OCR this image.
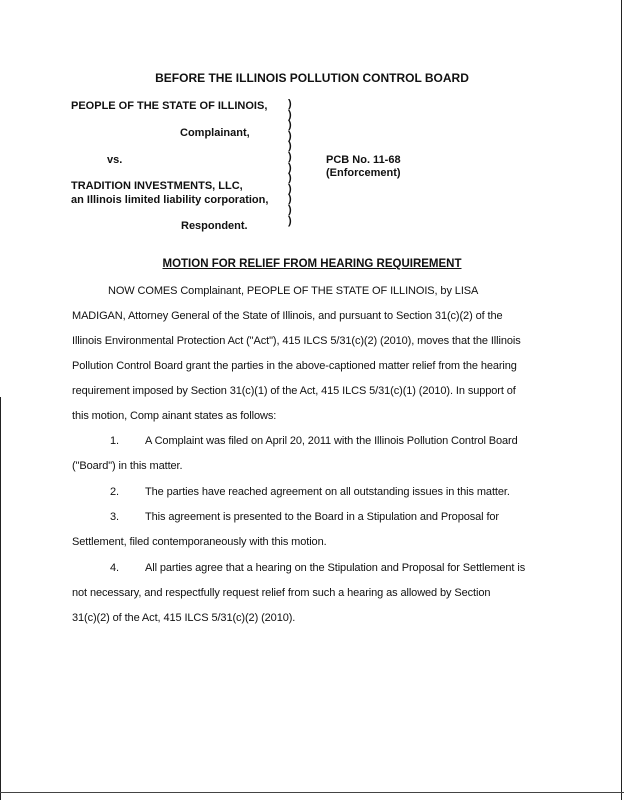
BEFORE THE ILLINOIS POLLUTION CONTROL BOARD
PEOPLE OF THE STATE OF ILLINOIS,
Complainant,
vs.
TRADITION INVESTMENTS, LLC,
an Illinois limited liability corporation,
Respondent.
PCB No. 11-68
(Enforcement)
)
)
)
)
)
)
)
)
)
)
)
)
MOTION FOR RELIEF FROM HEARING REQUIREMENT
NOW COMES Complainant, PEOPLE OF THE STATE OF ILLINOIS, by LISA
MADIGAN, Attorney General of the State of Illinois, and pursuant to Section 31(c)(2) of the
Illinois Environmental Protection Act ("Act"), 415 ILCS 5/31(c)(2) (2010), moves that the Illinois
Pollution Control Board grant the parties in the above-captioned matter relief from the hearing
requirement imposed by Section 31(c)(1) of the Act, 415 ILCS 5/31(c)(1) (2010). In support of
this motion, Comp ainant states as follows:
1. A Complaint was filed on April 20, 2011 with the Illinois Pollution Control Board
("Board") in this matter.
2. The parties have reached agreement on all outstanding issues in this matter.
3. This agreement is presented to the Board in a Stipulation and Proposal for
Settlement, filed contemporaneously with this motion.
4. All parties agree that a hearing on the Stipulation and Proposal for Settlement is
not necessary, and respectfully request relief from such a hearing as allowed by Section
31(c)(2) of the Act, 415 ILCS 5/31(c)(2) (2010).
